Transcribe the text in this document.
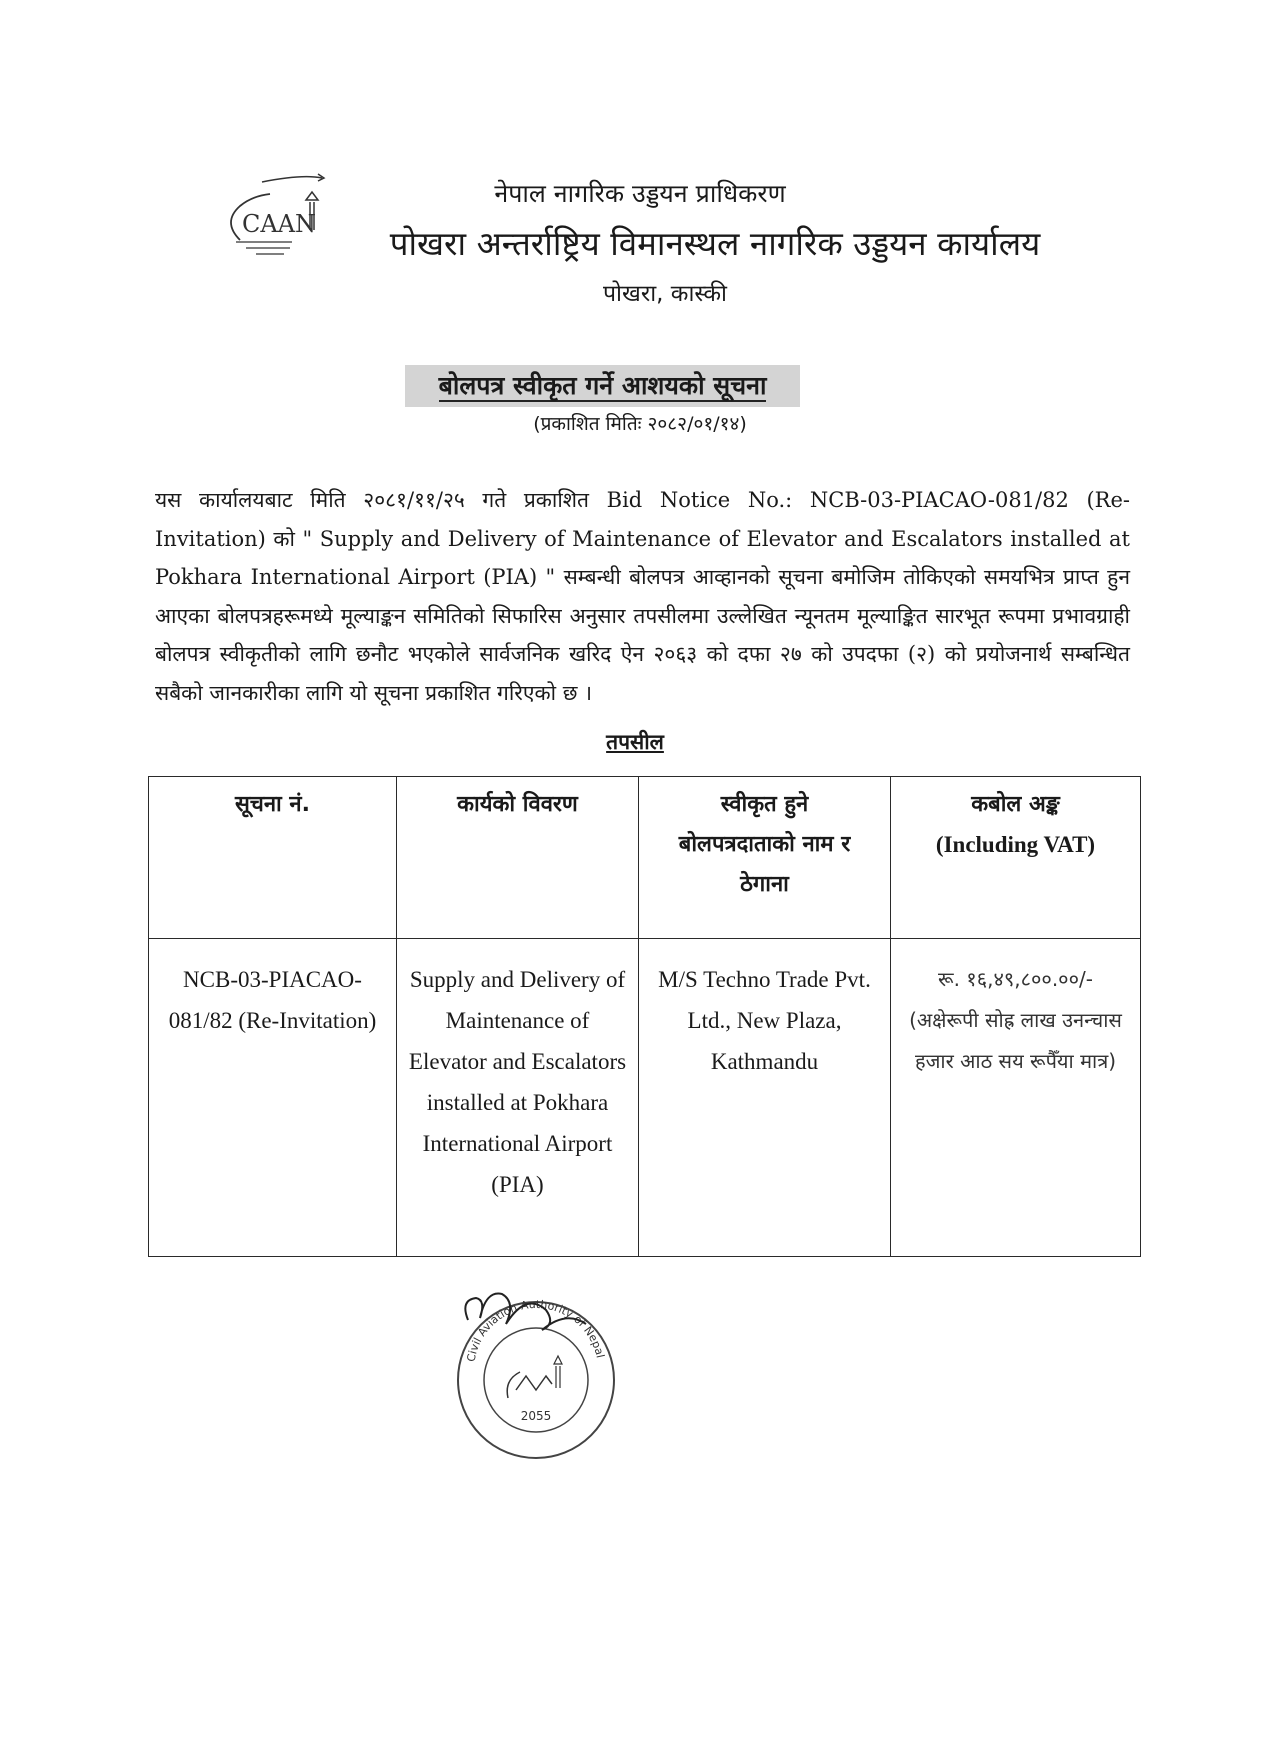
CAAN
नेपाल नागरिक उड्डयन प्राधिकरण
पोखरा अन्तर्राष्ट्रिय विमानस्थल नागरिक उड्डयन कार्यालय
पोखरा, कास्की
बोलपत्र स्वीकृत गर्ने आशयको सूचना
(प्रकाशित मितिः २०८२/०१/१४)

यस कार्यालयबाट मिति २०८१/११/२५ गते प्रकाशित Bid Notice No.: NCB-03-PIACAO-081/82 (Re-Invitation) को " Supply and Delivery of Maintenance of Elevator and Escalators installed at Pokhara International Airport (PIA) " सम्बन्धी बोलपत्र आव्हानको सूचना बमोजिम तोकिएको समयभित्र प्राप्त हुन आएका बोलपत्रहरूमध्ये मूल्याङ्कन समितिको सिफारिस अनुसार तपसीलमा उल्लेखित न्यूनतम मूल्याङ्कित सारभूत रूपमा प्रभावग्राही बोलपत्र स्वीकृतीको लागि छनौट भएकोले सार्वजनिक खरिद ऐन २०६३ को दफा २७ को उपदफा (२) को प्रयोजनार्थ सम्बन्धित सबैको जानकारीका लागि यो सूचना प्रकाशित गरिएको छ ।

तपसील
सूचना नं.	कार्यको विवरण	स्वीकृत हुने बोलपत्रदाताको नाम र ठेगाना	कबोल अङ्क
(Including VAT)

NCB-03-PIACAO-081/82 (Re-Invitation)	Supply and Delivery of Maintenance of Elevator and Escalators installed at Pokhara International Airport (PIA)	M/S Techno Trade Pvt. Ltd., New Plaza, Kathmandu	रू. १६,४९,८००.००/-
(अक्षेरूपी सोह्र लाख उनन्चास हजार आठ सय रूपैँया मात्र)
Civil Aviation Authority of Nepal
2055
